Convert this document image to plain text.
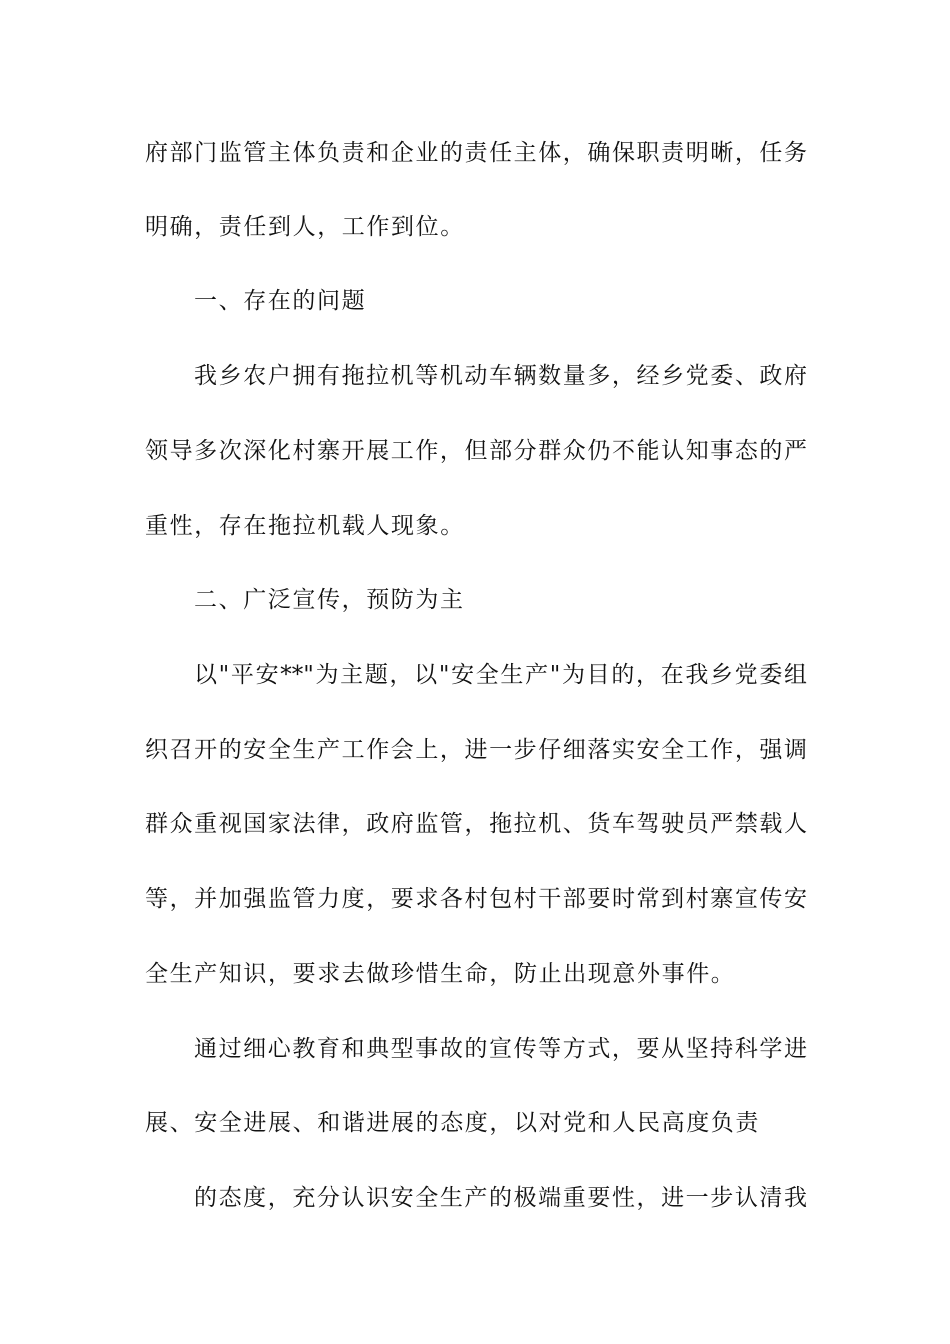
府部门监管主体负责和企业的责任主体，确保职责明晰，任务
明确，责任到人，工作到位。
一、存在的问题
我乡农户拥有拖拉机等机动车辆数量多，经乡党委、政府
领导多次深化村寨开展工作，但部分群众仍不能认知事态的严
重性，存在拖拉机载人现象。
二、广泛宣传，预防为主
以"平安**"为主题，以"安全生产"为目的，在我乡党委组
织召开的安全生产工作会上，进一步仔细落实安全工作，强调
群众重视国家法律，政府监管，拖拉机、货车驾驶员严禁载人
等，并加强监管力度，要求各村包村干部要时常到村寨宣传安
全生产知识，要求去做珍惜生命，防止出现意外事件。
通过细心教育和典型事故的宣传等方式，要从坚持科学进
展、安全进展、和谐进展的态度，以对党和人民高度负责
的态度，充分认识安全生产的极端重要性，进一步认清我
